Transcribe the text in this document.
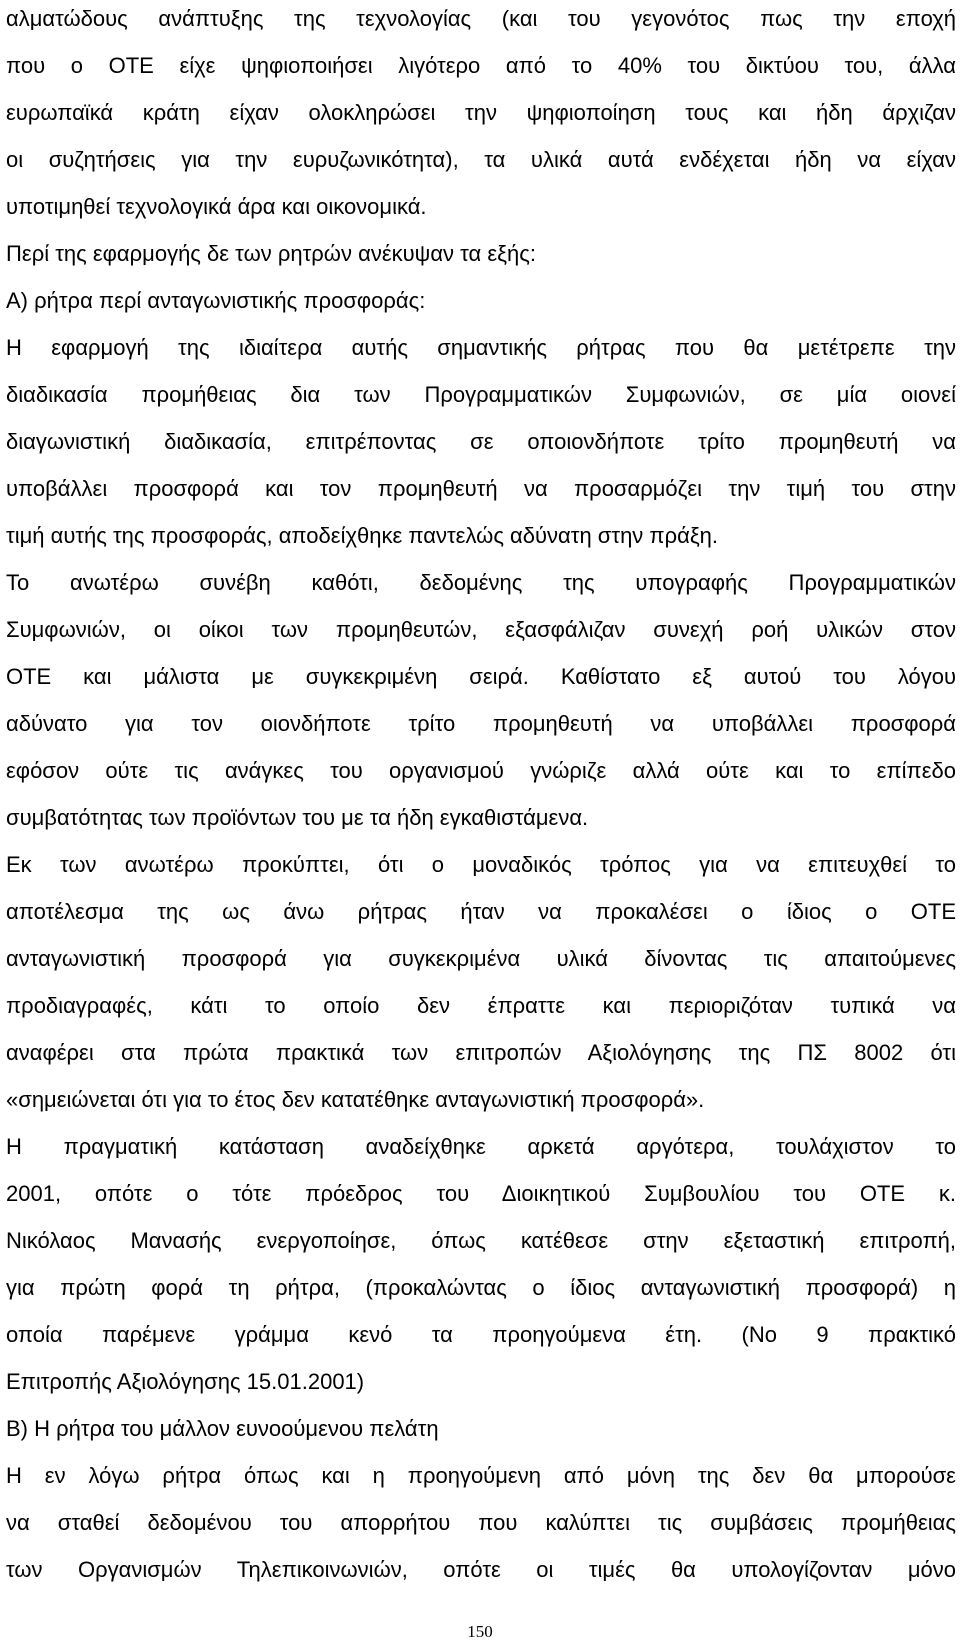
αλματώδους ανάπτυξης της τεχνολογίας (και του γεγονότος πως την εποχή
που ο ΟΤΕ είχε ψηφιοποιήσει λιγότερο από το 40% του δικτύου του, άλλα
ευρωπαϊκά κράτη είχαν ολοκληρώσει την ψηφιοποίηση τους και ήδη άρχιζαν
οι συζητήσεις για την ευρυζωνικότητα), τα υλικά αυτά ενδέχεται ήδη να είχαν
υποτιμηθεί τεχνολογικά άρα και οικονομικά.
Περί της εφαρμογής δε των ρητρών ανέκυψαν τα εξής:
Α) ρήτρα περί ανταγωνιστικής προσφοράς:
Η εφαρμογή της ιδιαίτερα αυτής σημαντικής ρήτρας που θα μετέτρεπε την
διαδικασία προμήθειας δια των Προγραμματικών Συμφωνιών, σε μία οιονεί
διαγωνιστική διαδικασία, επιτρέποντας σε οποιονδήποτε τρίτο προμηθευτή να
υποβάλλει προσφορά και τον προμηθευτή να προσαρμόζει την τιμή του στην
τιμή αυτής της προσφοράς, αποδείχθηκε παντελώς αδύνατη στην πράξη.
Το ανωτέρω συνέβη καθότι, δεδομένης της υπογραφής Προγραμματικών
Συμφωνιών, οι οίκοι των προμηθευτών, εξασφάλιζαν συνεχή ροή υλικών στον
ΟΤΕ και μάλιστα με συγκεκριμένη σειρά. Καθίστατο εξ αυτού του λόγου
αδύνατο για τον οιονδήποτε τρίτο προμηθευτή να υποβάλλει προσφορά
εφόσον ούτε τις ανάγκες του οργανισμού γνώριζε αλλά ούτε και το επίπεδο
συμβατότητας των προϊόντων του με τα ήδη εγκαθιστάμενα.
Εκ των ανωτέρω προκύπτει, ότι ο μοναδικός τρόπος για να επιτευχθεί το
αποτέλεσμα της ως άνω ρήτρας ήταν να προκαλέσει ο ίδιος ο ΟΤΕ
ανταγωνιστική προσφορά για συγκεκριμένα υλικά δίνοντας τις απαιτούμενες
προδιαγραφές, κάτι το οποίο δεν έπραττε και περιοριζόταν τυπικά να
αναφέρει στα πρώτα πρακτικά των επιτροπών Αξιολόγησης της ΠΣ 8002 ότι
«σημειώνεται ότι για το έτος δεν κατατέθηκε ανταγωνιστική προσφορά».
Η πραγματική κατάσταση αναδείχθηκε αρκετά αργότερα, τουλάχιστον το
2001, οπότε ο τότε πρόεδρος του Διοικητικού Συμβουλίου του ΟΤΕ κ.
Νικόλαος Μανασής ενεργοποίησε, όπως κατέθεσε στην εξεταστική επιτροπή,
για πρώτη φορά τη ρήτρα, (προκαλώντας ο ίδιος ανταγωνιστική προσφορά) η
οποία παρέμενε γράμμα κενό τα προηγούμενα έτη. (Νο 9 πρακτικό
Επιτροπής Αξιολόγησης 15.01.2001)
Β) Η ρήτρα του μάλλον ευνοούμενου πελάτη
Η εν λόγω ρήτρα όπως και η προηγούμενη από μόνη της δεν θα μπορούσε
να σταθεί δεδομένου του απορρήτου που καλύπτει τις συμβάσεις προμήθειας
των Οργανισμών Τηλεπικοινωνιών, οπότε οι τιμές θα υπολογίζονταν μόνο
150
